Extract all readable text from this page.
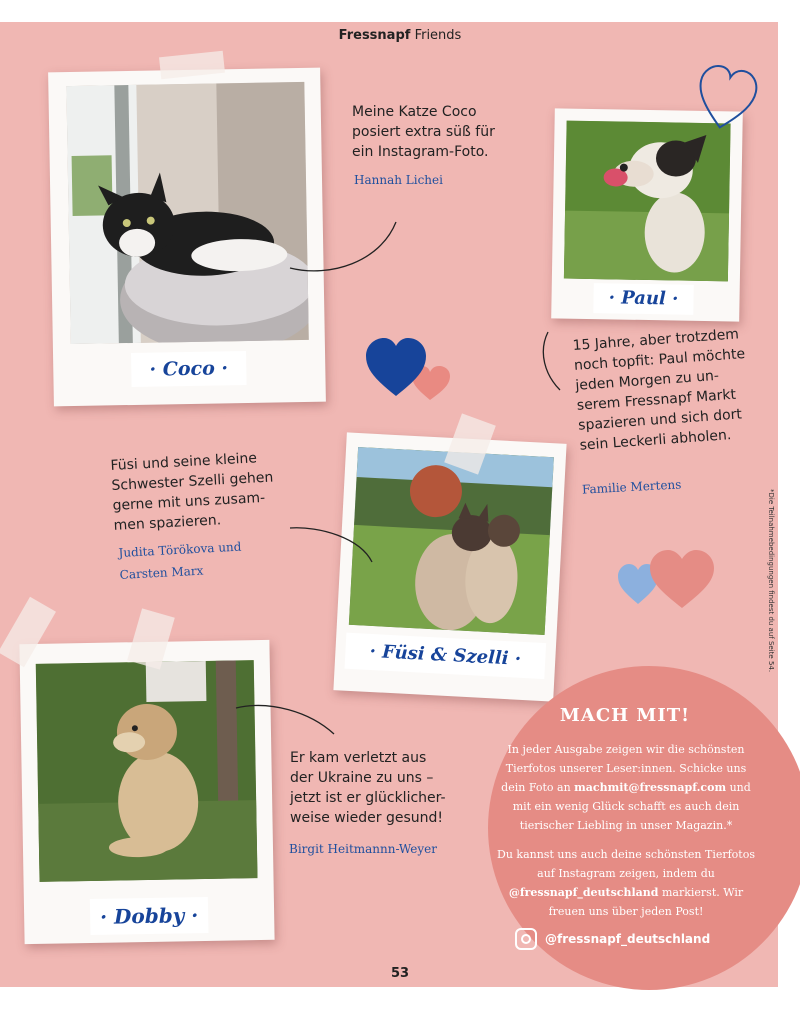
Fressnapf Friends
· Coco ·
Meine Katze Coco
posiert extra süß für
ein Instagram-Foto.
Hannah Lichei
· Paul ·
15 Jahre, aber trotzdem
noch topfit: Paul möchte
jeden Morgen zu un-
serem Fressnapf Markt
spazieren und sich dort
sein Leckerli abholen.
Familie Mertens
· Füsi & Szelli ·
Füsi und seine kleine
Schwester Szelli gehen
gerne mit uns zusam-
men spazieren.
Judita Törökova und
Carsten Marx	*Die Teilnahmebedingungen findest du auf Seite 54.
· Dobby ·
Er kam verletzt aus
der Ukraine zu uns –
jetzt ist er glücklicher-
weise wieder gesund!
Birgit Heitmannn-Weyer
MACH MIT!
In jeder Ausgabe zeigen wir die schönsten Tierfotos unserer Leser:innen. Schicke uns dein Foto an machmit@fressnapf.com und mit ein wenig Glück schafft es auch dein tierischer Liebling in unser Magazin.*
Du kannst uns auch deine schönsten Tierfotos auf Instagram zeigen, indem du @fressnapf_deutschland markierst. Wir freuen uns über jeden Post!
@fressnapf_deutschland
53
